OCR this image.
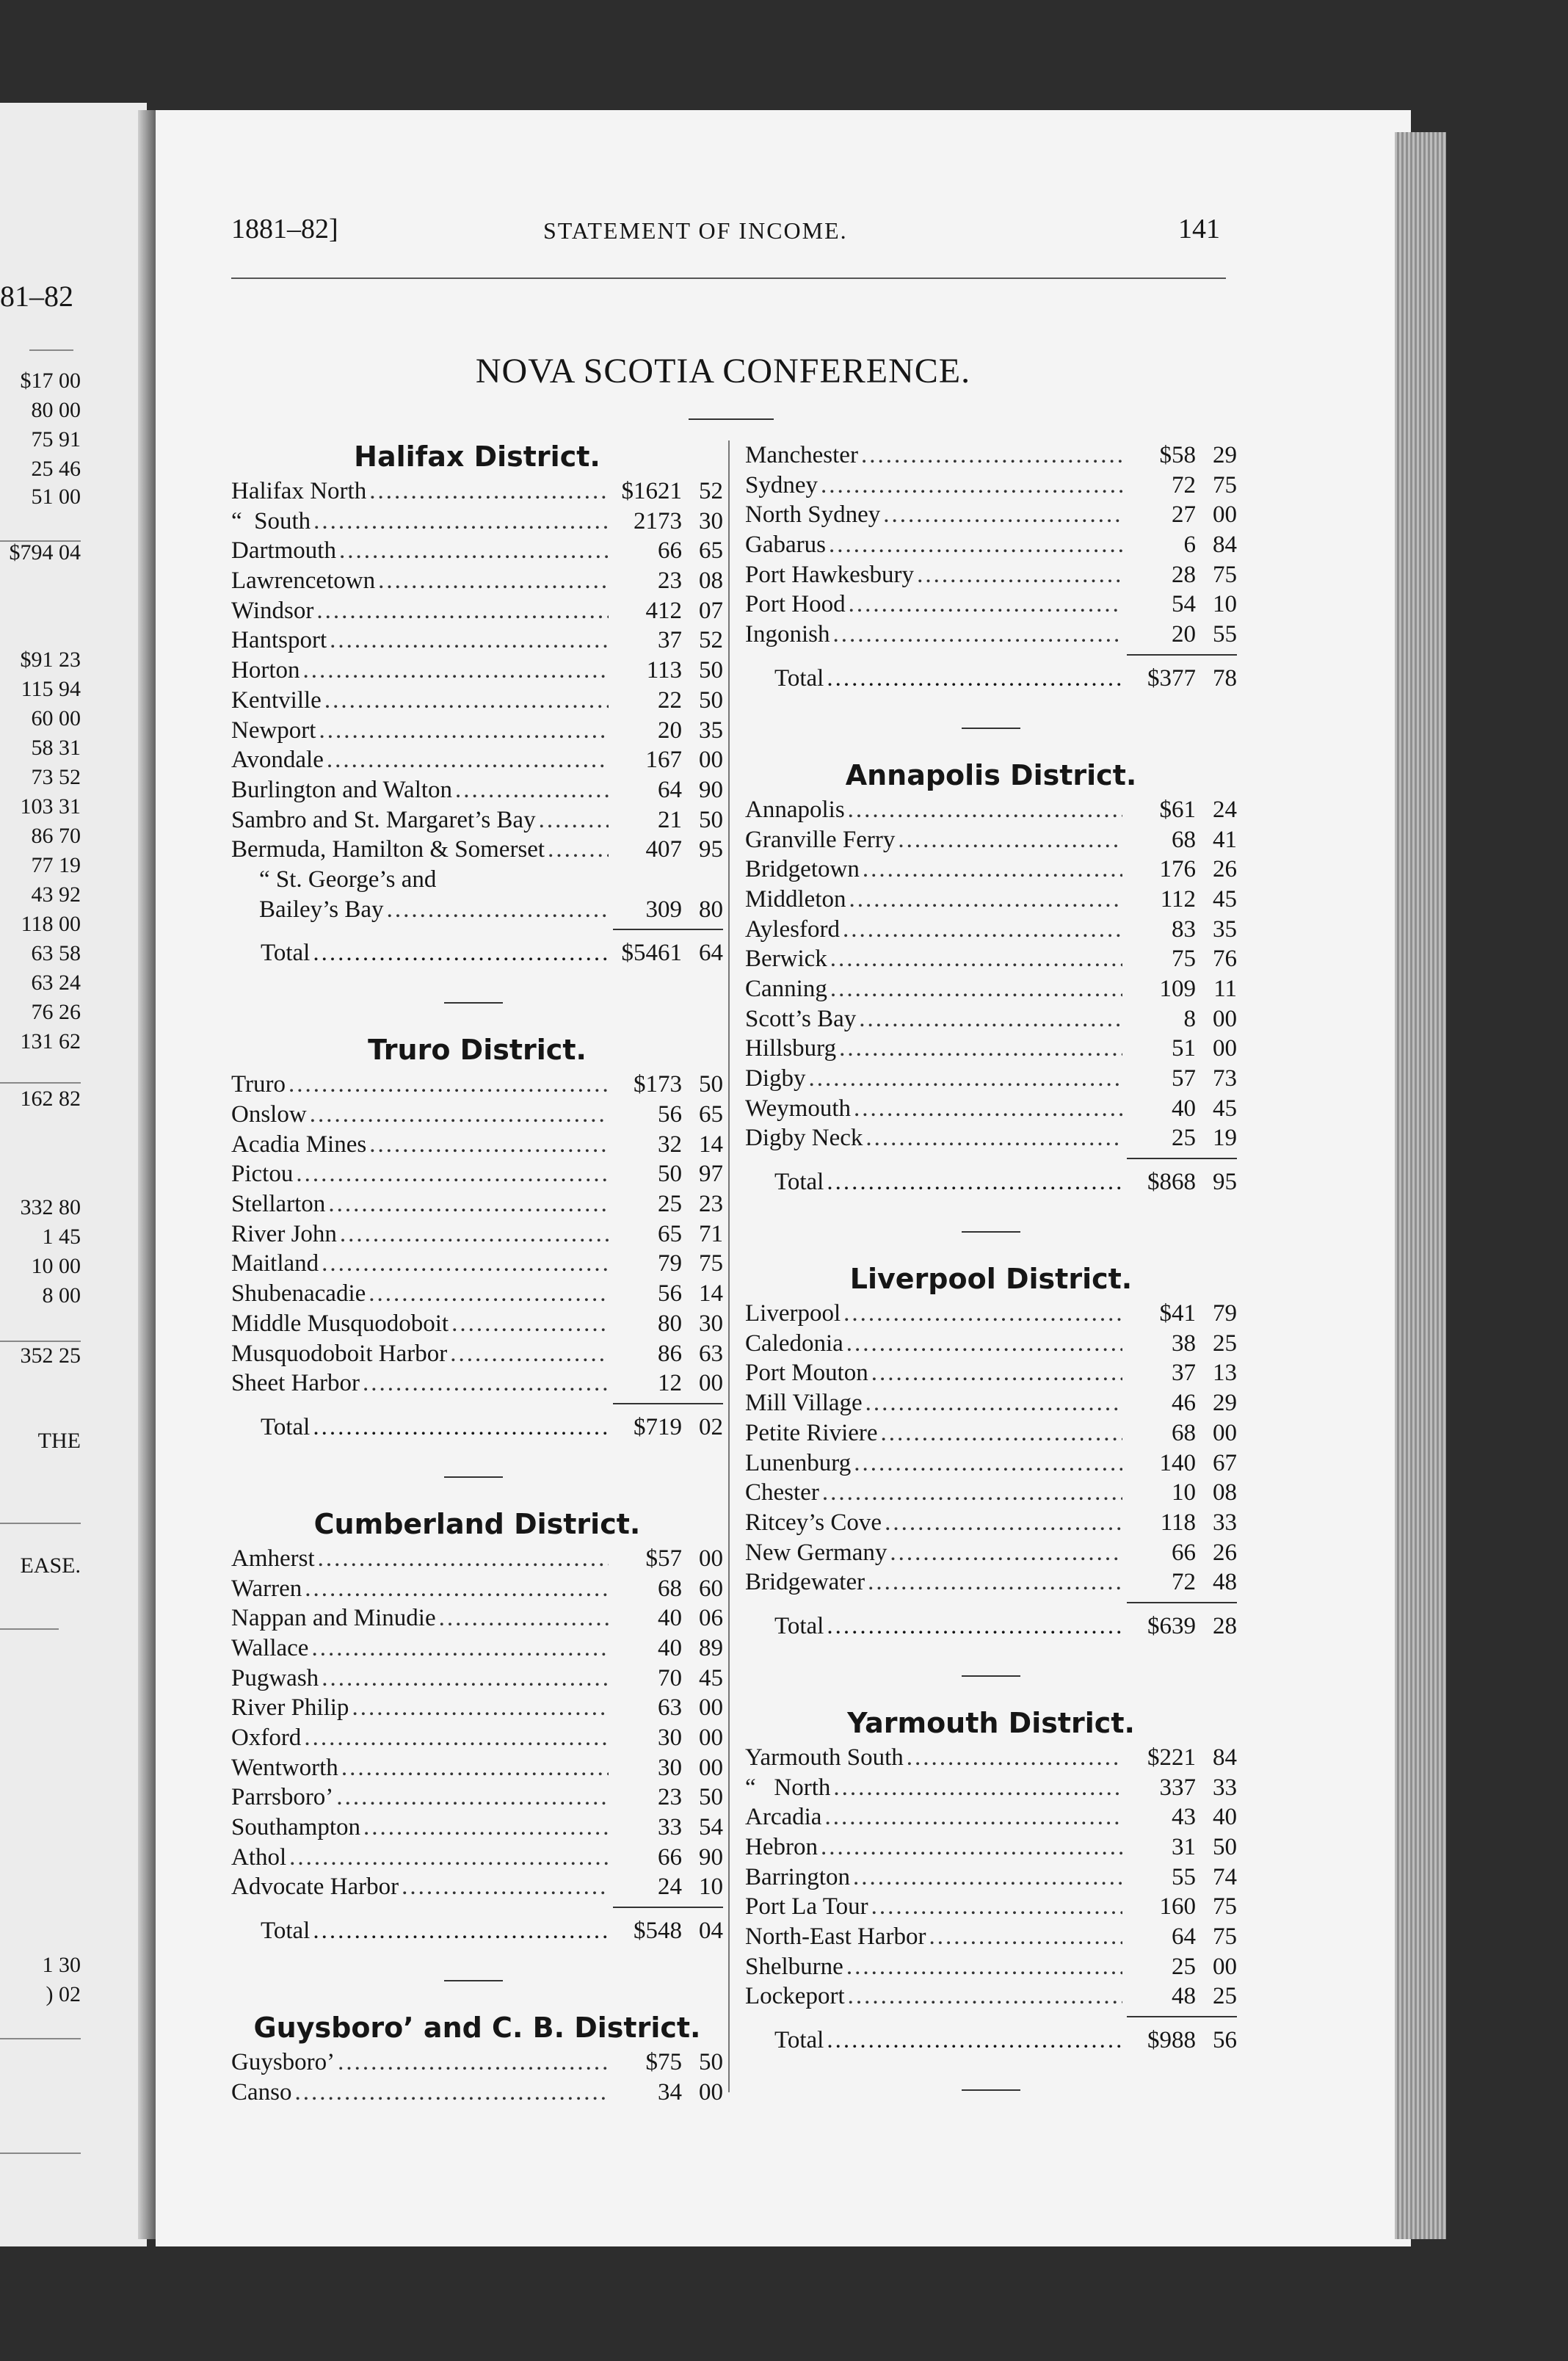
81–82
$17 00
80 00
75 91
25 46
51 00
$794 04
$91 23
115 94
60 00
58 31
73 52
103 31
86 70
77 19
43 92
118 00
63 58
63 24
76 26
131 62
162 82
332 80
1 45
10 00
8 00
352 25
THE
EASE.
1 30
) 02
1881–82]	STATEMENT OF INCOME.	141
NOVA SCOTIA CONFERENCE.
Halifax District.
Halifax North .....	$1621 52
“  South .....	2173 30
Dartmouth .....	66 65
Lawrencetown .....	23 08
Windsor .....	412 07
Hantsport .....	37 52
Horton .....	113 50
Kentville .....	22 50
Newport .....	20 35
Avondale .....	167 00
Burlington and Walton .....	64 90
Sambro and St. Margaret’s Bay .....	21 50
Bermuda, Hamilton & Somerset .....	407 95
“ St. George’s and
Bailey’s Bay .....	309 80
Total .....	$5461 64
Truro District.
Truro .....	$173 50
Onslow .....	56 65
Acadia Mines .....	32 14
Pictou .....	50 97
Stellarton .....	25 23
River John .....	65 71
Maitland .....	79 75
Shubenacadie .....	56 14
Middle Musquodoboit .....	80 30
Musquodoboit Harbor .....	86 63
Sheet Harbor .....	12 00
Total .....	$719 02
Cumberland District.
Amherst .....	$57 00
Warren .....	68 60
Nappan and Minudie .....	40 06
Wallace .....	40 89
Pugwash .....	70 45
River Philip .....	63 00
Oxford .....	30 00
Wentworth .....	30 00
Parrsboro’ .....	23 50
Southampton .....	33 54
Athol .....	66 90
Advocate Harbor .....	24 10
Total .....	$548 04
Guysboro’ and C. B. District.
Guysboro’ .....	$75 50
Canso .....	34 00
Manchester .....	$58 29
Sydney .....	72 75
North Sydney .....	27 00
Gabarus .....	6 84
Port Hawkesbury .....	28 75
Port Hood .....	54 10
Ingonish .....	20 55
Total .....	$377 78
Annapolis District.
Annapolis .....	$61 24
Granville Ferry .....	68 41
Bridgetown .....	176 26
Middleton .....	112 45
Aylesford .....	83 35
Berwick .....	75 76
Canning .....	109 11
Scott’s Bay .....	8 00
Hillsburg .....	51 00
Digby .....	57 73
Weymouth .....	40 45
Digby Neck .....	25 19
Total .....	$868 95
Liverpool District.
Liverpool .....	$41 79
Caledonia .....	38 25
Port Mouton .....	37 13
Mill Village .....	46 29
Petite Riviere .....	68 00
Lunenburg .....	140 67
Chester .....	10 08
Ritcey’s Cove .....	118 33
New Germany .....	66 26
Bridgewater .....	72 48
Total .....	$639 28
Yarmouth District.
Yarmouth South .....	$221 84
“   North .....	337 33
Arcadia .....	43 40
Hebron .....	31 50
Barrington .....	55 74
Port La Tour .....	160 75
North-East Harbor .....	64 75
Shelburne .....	25 00
Lockeport .....	48 25
Total .....	$988 56
